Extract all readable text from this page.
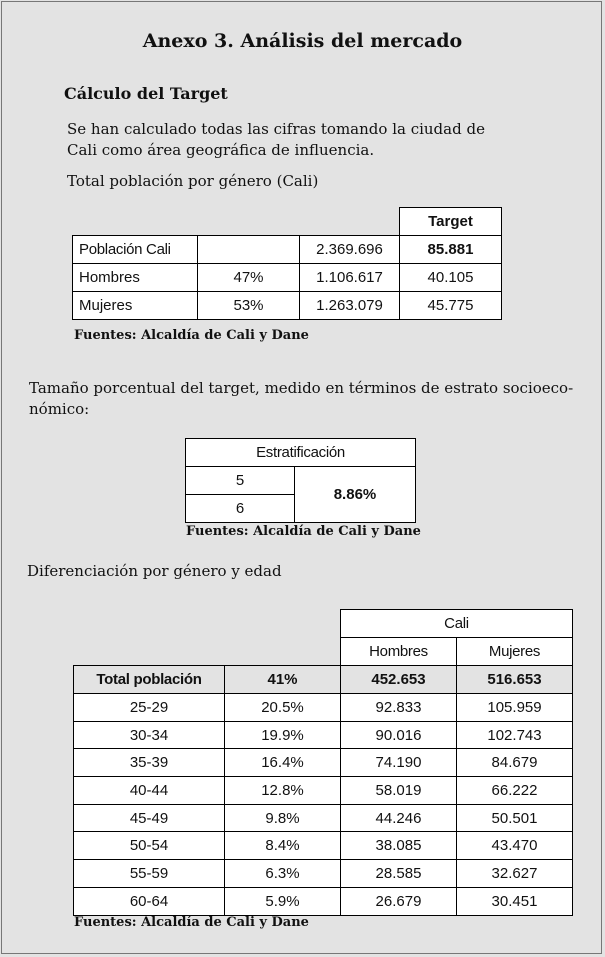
Anexo 3. Análisis del mercado
Cálculo del Target
Se han calculado todas las cifras tomando la ciudad de
Cali como área geográfica de influencia.
Total población por género (Cali)
			Target
Población Cali		2.369.696	85.881
Hombres	47%	1.106.617	40.105
Mujeres	53%	1.263.079	45.775
Fuentes: Alcaldía de Cali y Dane
Tamaño porcentual del target, medido en términos de estrato socioeco-
nómico:
Estratificación
5	8.86%
6
Fuentes: Alcaldía de Cali y Dane
Diferenciación por género y edad
		Cali	
		Hombres	Mujeres
Total población	41%	452.653	516.653
25-29	20.5%	92.833	105.959
30-34	19.9%	90.016	102.743
35-39	16.4%	74.190	84.679
40-44	12.8%	58.019	66.222
45-49	9.8%	44.246	50.501
50-54	8.4%	38.085	43.470
55-59	6.3%	28.585	32.627
60-64	5.9%	26.679	30.451
Fuentes: Alcaldía de Cali y Dane
